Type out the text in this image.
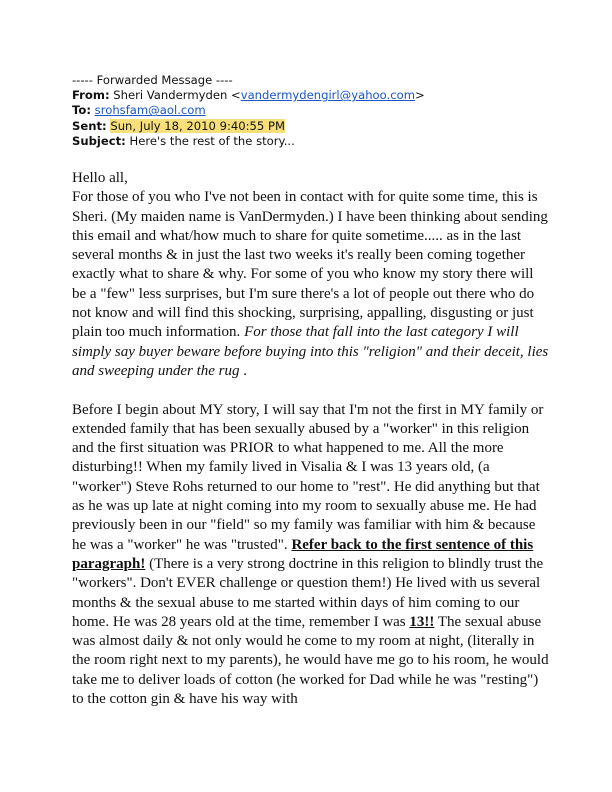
----- Forwarded Message ----
From: Sheri Vandermyden <vandermydengirl@yahoo.com>
To: srohsfam@aol.com
Sent: Sun, July 18, 2010 9:40:55 PM
Subject: Here's the rest of the story...

Hello all,

For those of you who I've not been in contact with for quite some time, this is Sheri. (My maiden name is VanDermyden.) I have been thinking about sending this email and what/how much to share for quite sometime..... as in the last several months & in just the last two weeks it's really been coming together exactly what to share & why. For some of you who know my story there will be a "few" less surprises, but I'm sure there's a lot of people out there who do not know and will find this shocking, surprising, appalling, disgusting or just plain too much information. For those that fall into the last category I will simply say buyer beware before buying into this "religion" and their deceit, lies and sweeping under the rug .

Before I begin about MY story, I will say that I'm not the first in MY family or extended family that has been sexually abused by a "worker" in this religion and the first situation was PRIOR to what happened to me. All the more disturbing!! When my family lived in Visalia & I was 13 years old, (a "worker") Steve Rohs returned to our home to "rest". He did anything but that as he was up late at night coming into my room to sexually abuse me. He had previously been in our "field" so my family was familiar with him & because he was a "worker" he was "trusted". Refer back to the first sentence of this paragraph! (There is a very strong doctrine in this religion to blindly trust the "workers". Don't EVER challenge or question them!) He lived with us several months & the sexual abuse to me started within days of him coming to our home. He was 28 years old at the time, remember I was 13!! The sexual abuse was almost daily & not only would he come to my room at night, (literally in the room right next to my parents), he would have me go to his room, he would take me to deliver loads of cotton (he worked for Dad while he was "resting") to the cotton gin & have his way with
